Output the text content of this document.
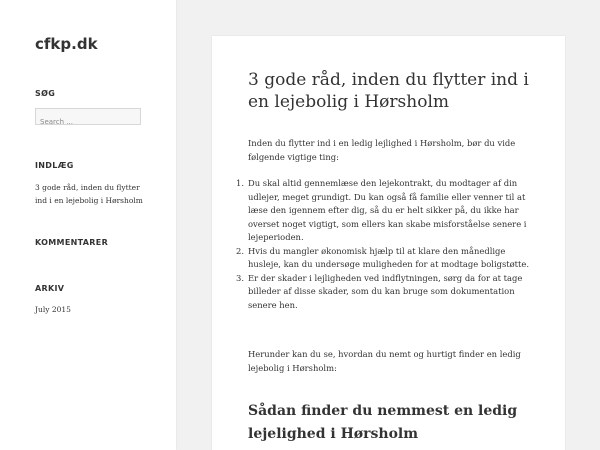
cfkp.dk
SØG
Search ...
INDLÆG
3 gode råd, inden du flytter ind i en lejebolig i Hørsholm
KOMMENTARER
ARKIV
July 2015
3 gode råd, inden du flytter ind i en lejebolig i Hørsholm

Inden du flytter ind i en ledig lejlighed i Hørsholm, bør du vide følgende vigtige ting:

1. Du skal altid gennemlæse den lejekontrakt, du modtager af din udlejer, meget grundigt. Du kan også få familie eller venner til at læse den igennem efter dig, så du er helt sikker på, du ikke har overset noget vigtigt, som ellers kan skabe misforståelse senere i lejeperioden.
2. Hvis du mangler økonomisk hjælp til at klare den månedlige husleje, kan du undersøge muligheden for at modtage boligstøtte.
3. Er der skader i lejligheden ved indflytningen, sørg da for at tage billeder af disse skader, som du kan bruge som dokumentation senere hen.

Herunder kan du se, hvordan du nemt og hurtigt finder en ledig lejebolig i Hørsholm:

Sådan finder du nemmest en ledig lejelighed i Hørsholm
